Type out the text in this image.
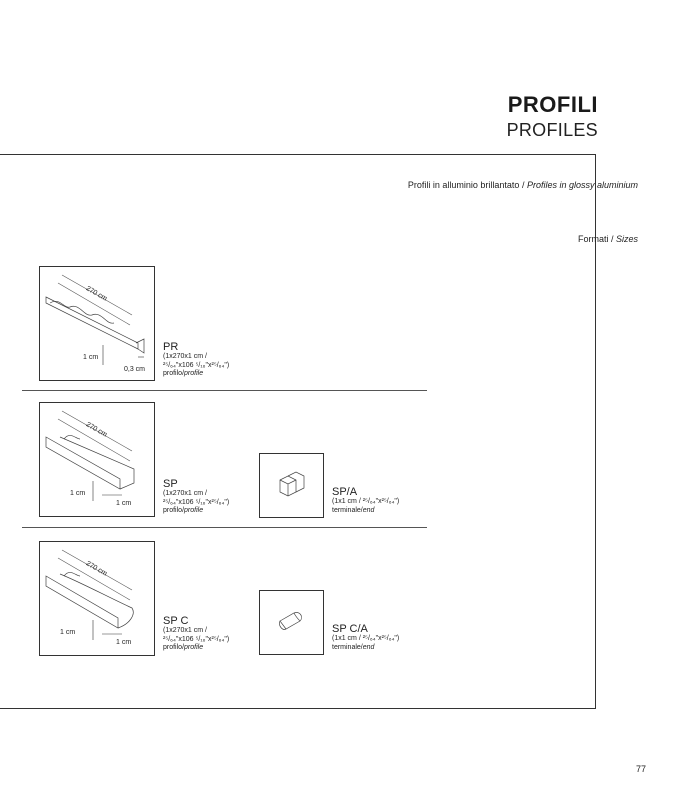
PROFILI
PROFILES
Profili in alluminio brillantato / Profiles in glossy aluminium
Formati / Sizes
270 cm
1 cm
0,3 cm
PR
(1x270x1 cm /
²⁵/₆₄"x106 ⁵/₁₆"x²⁵/₆₄")
profilo/profile
270 cm
1 cm
1 cm
SP
(1x270x1 cm /
²⁵/₆₄"x106 ⁵/₁₆"x²⁵/₆₄")
profilo/profile
SP/A
(1x1 cm / ²⁵/₆₄"x²⁵/₆₄")
terminale/end
270 cm
1 cm
1 cm
SP C
(1x270x1 cm /
²⁵/₆₄"x106 ⁵/₁₆"x²⁵/₆₄")
profilo/profile
SP C/A
(1x1 cm / ²⁵/₆₄"x²⁵/₆₄")
terminale/end
77
